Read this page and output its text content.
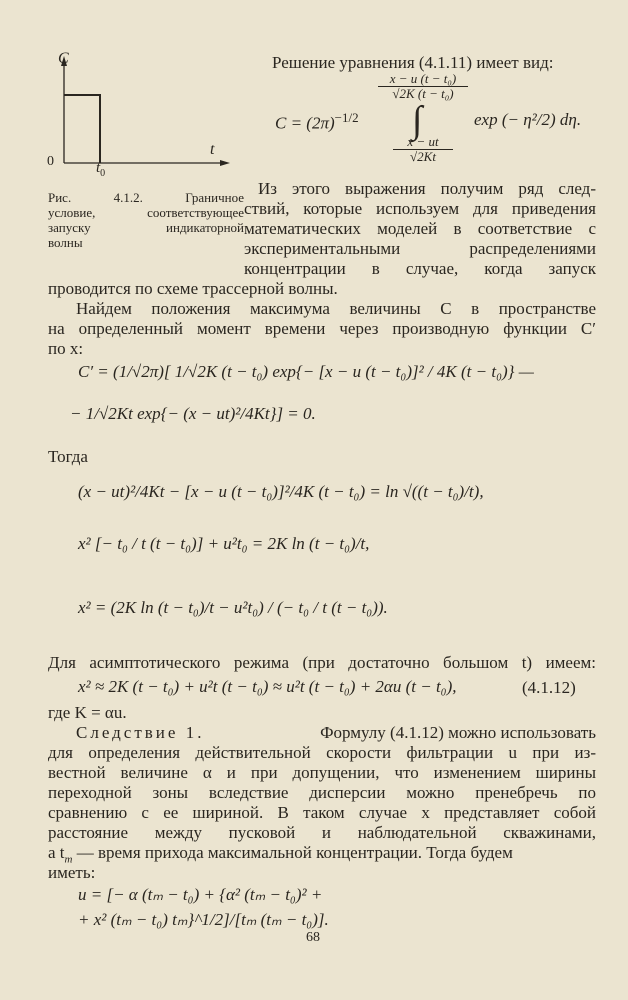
C
t
0	$t_0$
Рис. 4.1.2. Граничное
условие, соответствующее
запуску индикаторной
волны
Решение уравнения (4.1.11) имеет вид:
$C = (2\pi)^{-1/2}$
x − u (t − t₀)
√2K (t − t₀)
∫
x − ut
√2Kt
exp (− η²/2) dη.
Из этого выражения получим ряд след-
ствий, которые используем для приведения
математических моделей в соответствие с
экспериментальными распределениями
концентрации в случае, когда запуск
проводится по схеме трассерной волны.
Найдем положения максимума величины C в пространстве
на определенный момент времени через производную функции C′
по x:
C′ = (1/√2π)[ 1/√2K (t − t₀) exp{− [x − u (t − t₀)]² / 4K (t − t₀)} —
− 1/√2Kt exp{− (x − ut)²/4Kt}] = 0.
Тогда
(x − ut)²/4Kt − [x − u (t − t₀)]²/4K (t − t₀) = ln √((t − t₀)/t),
x² [− t₀ / t (t − t₀)] + u²t₀ = 2K ln (t − t₀)/t,
x² = (2K ln (t − t₀)/t − u²t₀) / (− t₀ / t (t − t₀)).
Для асимптотического режима (при достаточно большом t) имеем:
x² ≈ 2K (t − t₀) + u²t (t − t₀) ≈ u²t (t − t₀) + 2αu (t − t₀),	(4.1.12)
где K = αu.
Следствие 1.	Формулу (4.1.12) можно использовать
для определения действительной скорости фильтрации u при из-
вестной величине α и при допущении, что изменением ширины
переходной зоны вследствие дисперсии можно пренебречь по
сравнению с ее шириной. В таком случае x представляет собой
расстояние между пусковой и наблюдательной скважинами,
а $t_m$ — время прихода максимальной концентрации. Тогда будем
иметь:
u = [− α (tₘ − t₀) + {α² (tₘ − t₀)² +
+ x² (tₘ − t₀) tₘ}^1/2]/[tₘ (tₘ − t₀)].
68
